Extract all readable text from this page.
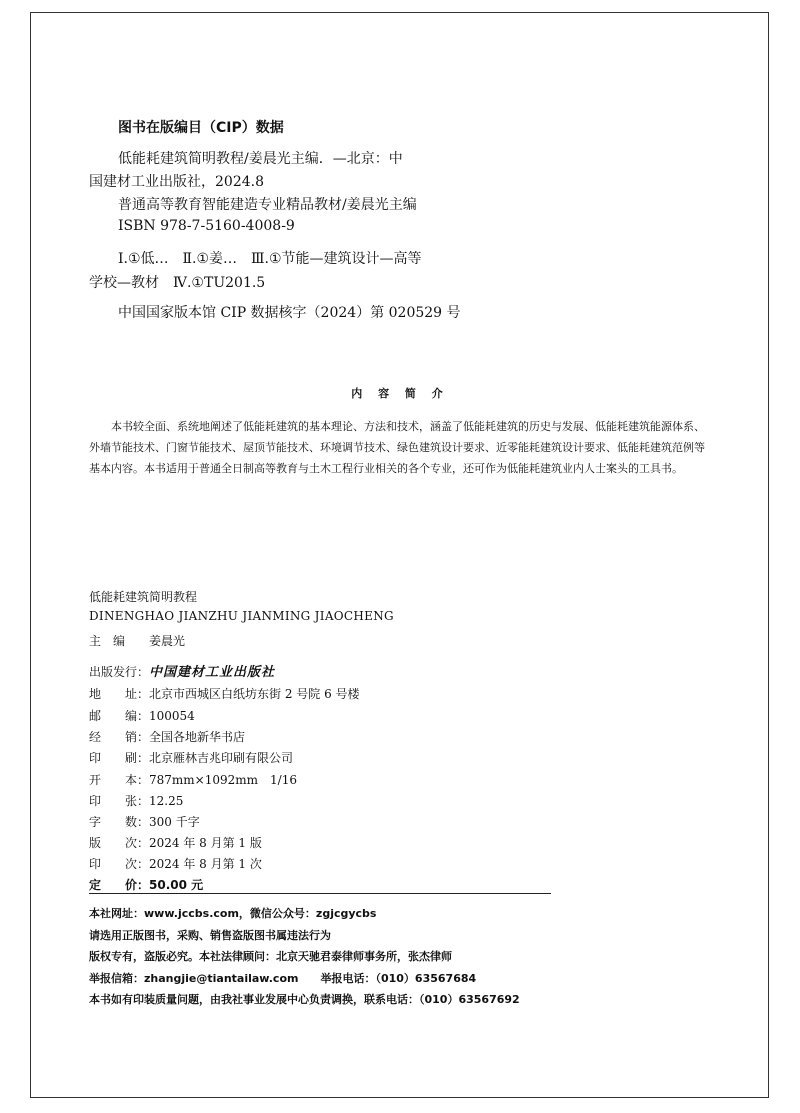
图书在版编目（CIP）数据
低能耗建筑简明教程/姜晨光主编．—北京：中
国建材工业出版社，2024.8
普通高等教育智能建造专业精品教材/姜晨光主编
ISBN 978-7-5160-4008-9
Ⅰ.①低…　Ⅱ.①姜…　Ⅲ.①节能—建筑设计—高等
学校—教材　Ⅳ.①TU201.5
中国国家版本馆 CIP 数据核字（2024）第 020529 号
内 容 简 介

本书较全面、系统地阐述了低能耗建筑的基本理论、方法和技术，涵盖了低能耗建筑的历史与发展、低能耗建筑能源体系、外墙节能技术、门窗节能技术、屋顶节能技术、环境调节技术、绿色建筑设计要求、近零能耗建筑设计要求、低能耗建筑范例等基本内容。本书适用于普通全日制高等教育与土木工程行业相关的各个专业，还可作为低能耗建筑业内人士案头的工具书。

低能耗建筑简明教程
DINENGHAO JIANZHU JIANMING JIAOCHENG
主　编 姜晨光
出版发行：中国建材工业出版社
地　　址：北京市西城区白纸坊东街 2 号院 6 号楼
邮　　编：100054
经　　销：全国各地新华书店
印　　刷：北京雁林吉兆印刷有限公司
开　　本：787mm×1092mm　1/16
印　　张：12.25
字　　数：300 千字
版　　次：2024 年 8 月第 1 版
印　　次：2024 年 8 月第 1 次
定　　价：50.00 元
本社网址：www.jccbs.com，微信公众号：zgjcgycbs
请选用正版图书，采购、销售盗版图书属违法行为
版权专有，盗版必究。本社法律顾问：北京天驰君泰律师事务所，张杰律师
举报信箱：zhangjie@tiantailaw.com　　举报电话：（010）63567684
本书如有印装质量问题，由我社事业发展中心负责调换，联系电话：（010）63567692
